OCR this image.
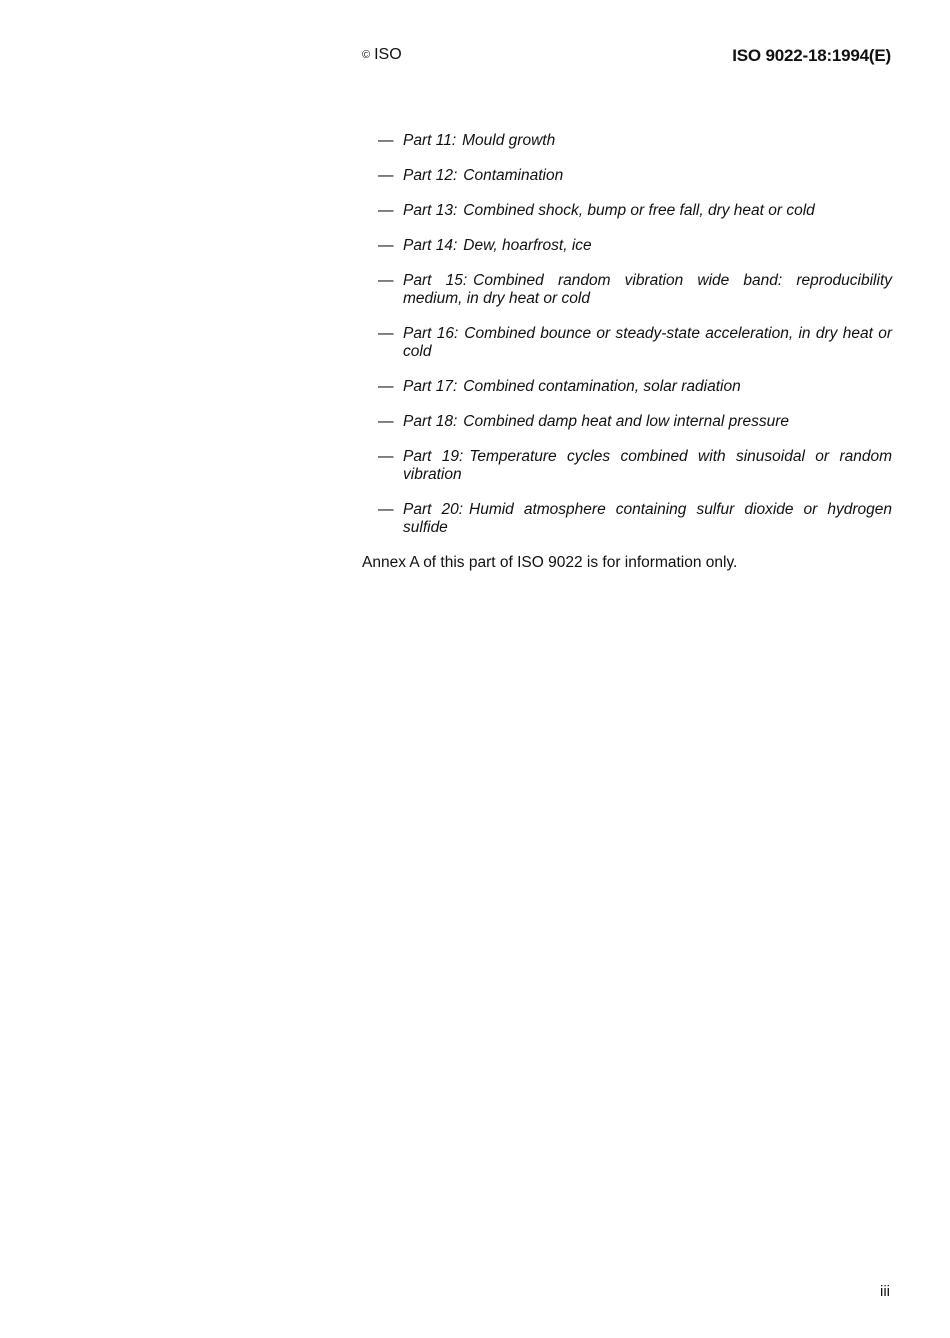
© ISO	ISO 9022-18:1994(E)
— Part 11: Mould growth
— Part 12: Contamination
— Part 13: Combined shock, bump or free fall, dry heat or cold
— Part 14: Dew, hoarfrost, ice
— Part 15: Combined random vibration wide band: reproducibility medium, in dry heat or cold
— Part 16: Combined bounce or steady-state acceleration, in dry heat or cold
— Part 17: Combined contamination, solar radiation
— Part 18: Combined damp heat and low internal pressure
— Part 19: Temperature cycles combined with sinusoidal or random vibration
— Part 20: Humid atmosphere containing sulfur dioxide or hydrogen sulfide
Annex A of this part of ISO 9022 is for information only.
iii
